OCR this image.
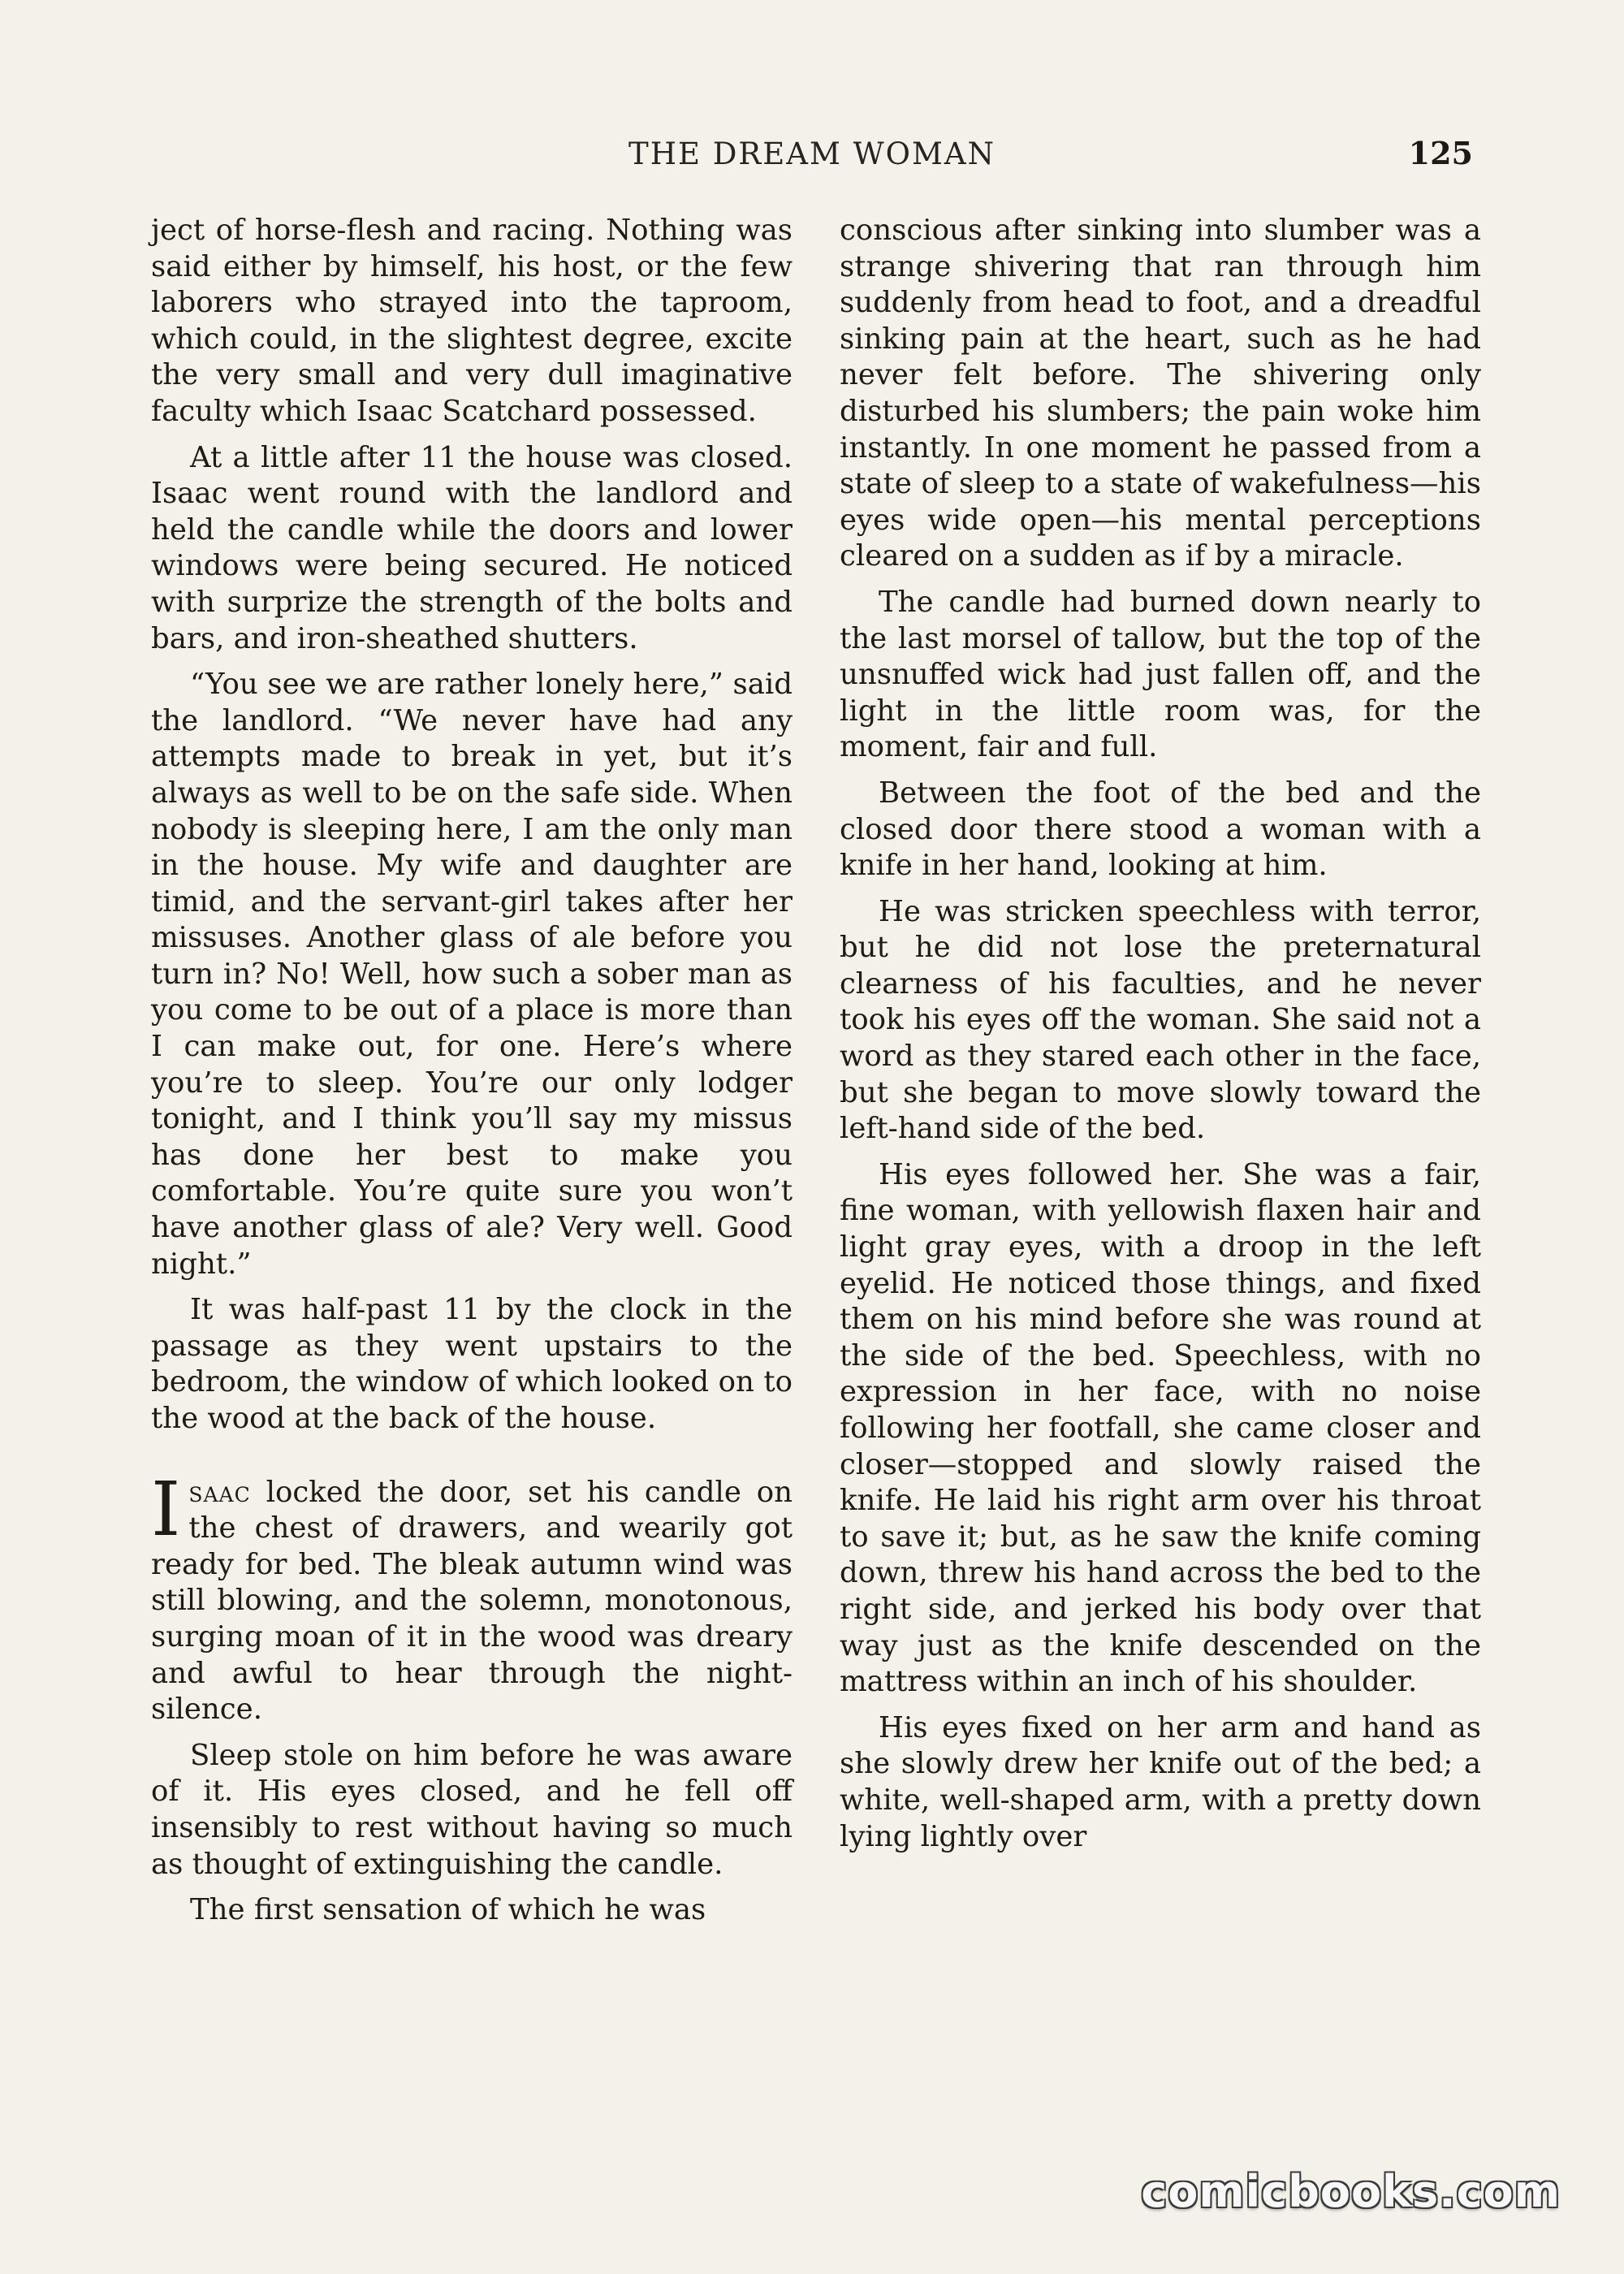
THE DREAM WOMAN	125

ject of horse-flesh and racing. Nothing was said either by himself, his host, or the few laborers who strayed into the taproom, which could, in the slightest degree, excite the very small and very dull imaginative faculty which Isaac Scatchard possessed.

At a little after 11 the house was closed. Isaac went round with the landlord and held the candle while the doors and lower windows were being secured. He noticed with surprize the strength of the bolts and bars, and iron-sheathed shutters.

“You see we are rather lonely here,” said the landlord. “We never have had any attempts made to break in yet, but it’s always as well to be on the safe side. When nobody is sleeping here, I am the only man in the house. My wife and daughter are timid, and the servant-girl takes after her missuses. Another glass of ale before you turn in? No! Well, how such a sober man as you come to be out of a place is more than I can make out, for one. Here’s where you’re to sleep. You’re our only lodger tonight, and I think you’ll say my missus has done her best to make you comfortable. You’re quite sure you won’t have another glass of ale? Very well. Good night.”

It was half-past 11 by the clock in the passage as they went upstairs to the bedroom, the window of which looked on to the wood at the back of the house.

Isaac locked the door, set his candle on the chest of drawers, and wearily got ready for bed. The bleak autumn wind was still blowing, and the solemn, monotonous, surging moan of it in the wood was dreary and awful to hear through the night-silence.

Sleep stole on him before he was aware of it. His eyes closed, and he fell off insensibly to rest without having so much as thought of extinguishing the candle.

The first sensation of which he was

conscious after sinking into slumber was a strange shivering that ran through him suddenly from head to foot, and a dreadful sinking pain at the heart, such as he had never felt before. The shivering only disturbed his slumbers; the pain woke him instantly. In one moment he passed from a state of sleep to a state of wakefulness—his eyes wide open—his mental perceptions cleared on a sudden as if by a miracle.

The candle had burned down nearly to the last morsel of tallow, but the top of the unsnuffed wick had just fallen off, and the light in the little room was, for the moment, fair and full.

Between the foot of the bed and the closed door there stood a woman with a knife in her hand, looking at him.

He was stricken speechless with terror, but he did not lose the preternatural clearness of his faculties, and he never took his eyes off the woman. She said not a word as they stared each other in the face, but she began to move slowly toward the left-hand side of the bed.

His eyes followed her. She was a fair, fine woman, with yellowish flaxen hair and light gray eyes, with a droop in the left eyelid. He noticed those things, and fixed them on his mind before she was round at the side of the bed. Speechless, with no expression in her face, with no noise following her footfall, she came closer and closer—stopped and slowly raised the knife. He laid his right arm over his throat to save it; but, as he saw the knife coming down, threw his hand across the bed to the right side, and jerked his body over that way just as the knife descended on the mattress within an inch of his shoulder.

His eyes fixed on her arm and hand as she slowly drew her knife out of the bed; a white, well-shaped arm, with a pretty down lying lightly over

comicbooks.com
